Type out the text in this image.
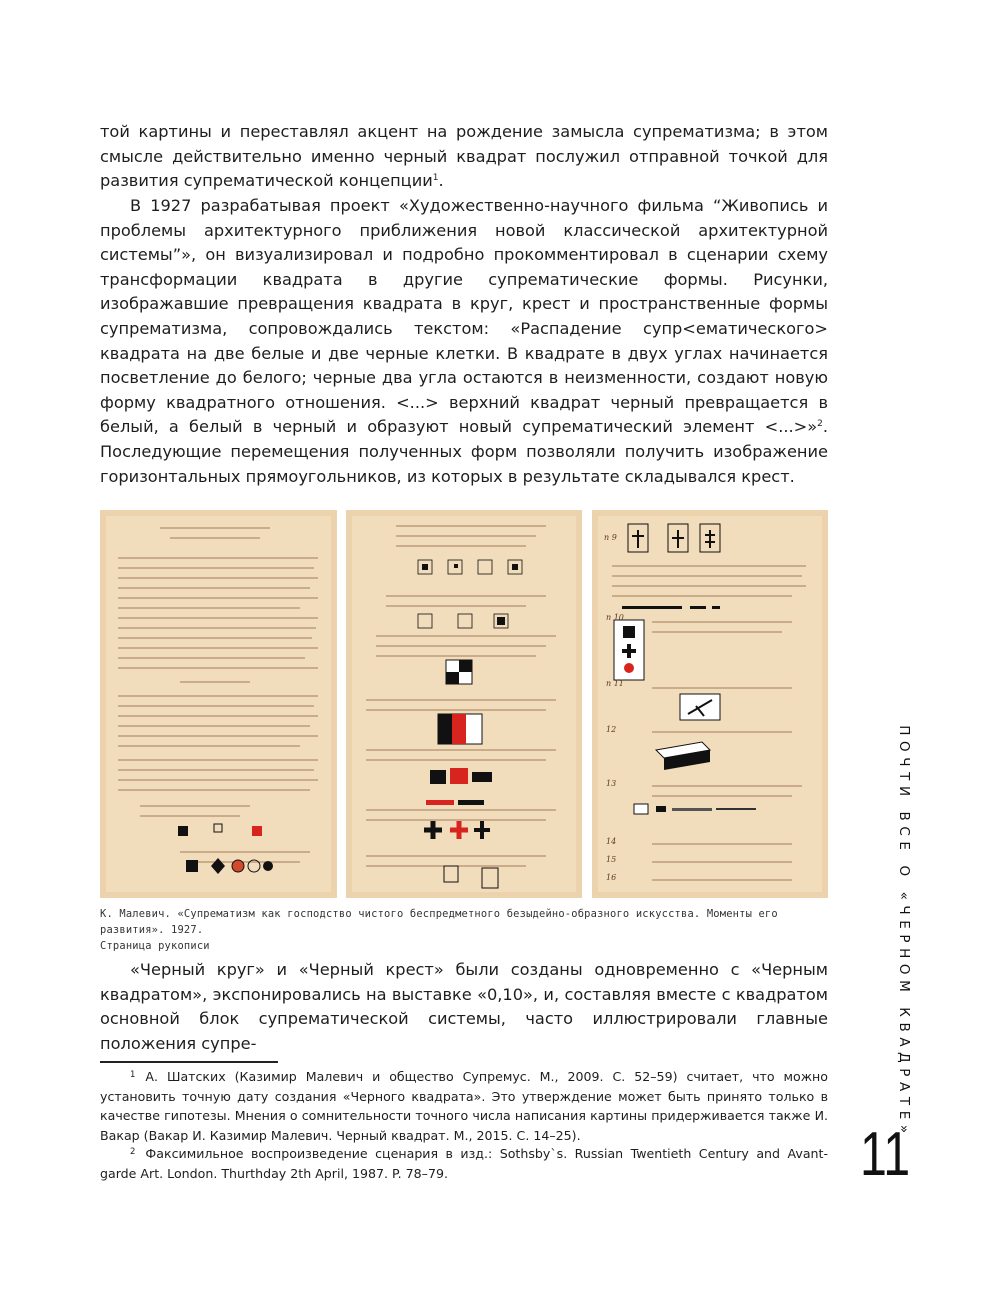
той картины и переставлял акцент на рождение замысла супрематизма; в этом смысле действительно именно черный квадрат послужил отправной точкой для развития супрематической концепции$^1$.

В 1927 разрабатывая проект «Художественно-научного фильма “Живопись и проблемы архитектурного приближения новой классической архитектурной системы”», он визуализировал и подробно прокомментировал в сценарии схему трансформации квадрата в другие супрематические формы. Рисунки, изображавшие превращения квадрата в круг, крест и пространственные формы супрематизма, сопровождались текстом: «Распадение супр<ематического> квадрата на две белые и две черные клетки. В квадрате в двух углах начинается посветление до белого; черные два угла остаются в неизменности, создают новую форму квадратного отношения. <...> верхний квадрат черный превращается в белый, а белый в черный и образуют новый супрематический элемент <...>»$^2$. Последующие перемещения полученных форм позволяли получить изображение горизонтальных прямоугольников, из которых в результате складывался крест.

n 9
n 10
n 11
12
13
14
15
16
К. Малевич. «Супрематизм как господство чистого беспредметного безыдейно-образного искусства. Моменты его развития». 1927.
Страница рукописи

«Черный круг» и «Черный крест» были созданы одновременно с «Черным квадратом», экспонировались на выставке «0,10», и, составляя вместе с квадратом основной блок супрематической системы, часто иллюстрировали главные положения супре-

$^1$ А. Шатских (Казимир Малевич и общество Супремус. М., 2009. С. 52–59) считает, что можно установить точную дату создания «Черного квадрата». Это утверждение может быть принято только в качестве гипотезы. Мнения о сомнительности точного числа написания картины придерживается также И. Вакар (Вакар И. Казимир Малевич. Черный квадрат. М., 2015. С. 14–25).

$^2$ Факсимильное воспроизведение сценария в изд.: Sothsby`s. Russian Twentieth Century and Avant-garde Art. London. Thurthday 2th April, 1987. P. 78–79.

ПОЧТИ ВСЕ О «ЧЕРНОМ КВАДРАТЕ»
11
